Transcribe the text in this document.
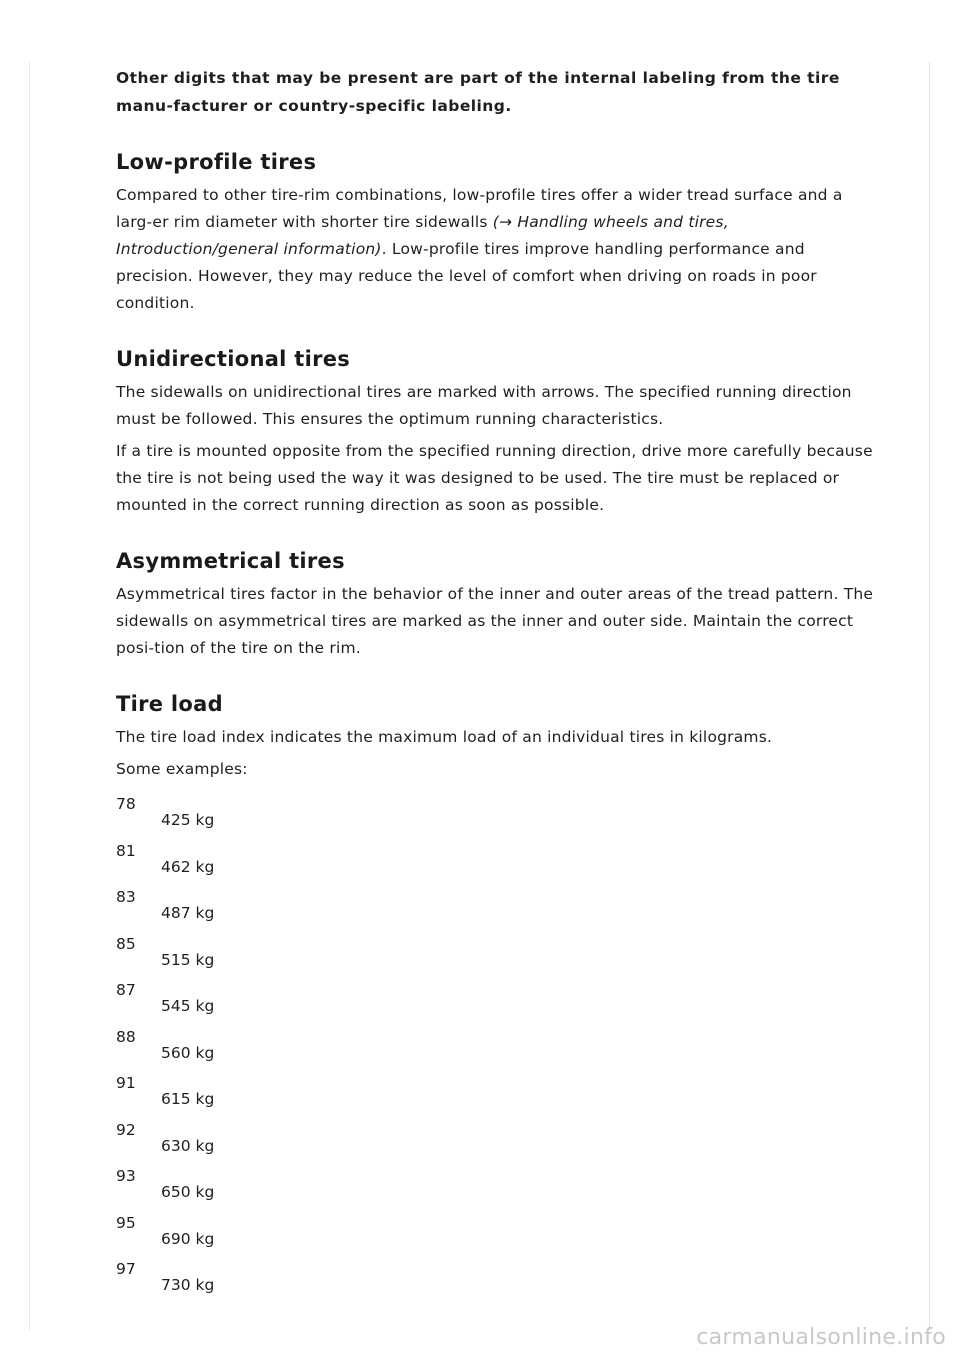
Other digits that may be present are part of the internal labeling from the tire manu-facturer or country-specific labeling.

Low-profile tires

Compared to other tire-rim combinations, low-profile tires offer a wider tread surface and a larg-er rim diameter with shorter tire sidewalls (→ Handling wheels and tires, Introduction/general information). Low-profile tires improve handling performance and precision. However, they may reduce the level of comfort when driving on roads in poor condition.

Unidirectional tires

The sidewalls on unidirectional tires are marked with arrows. The specified running direction must be followed. This ensures the optimum running characteristics.

If a tire is mounted opposite from the specified running direction, drive more carefully because the tire is not being used the way it was designed to be used. The tire must be replaced or mounted in the correct running direction as soon as possible.

Asymmetrical tires

Asymmetrical tires factor in the behavior of the inner and outer areas of the tread pattern. The sidewalls on asymmetrical tires are marked as the inner and outer side. Maintain the correct posi-tion of the tire on the rim.

Tire load

The tire load index indicates the maximum load of an individual tires in kilograms.

Some examples:

78
425 kg
81
462 kg
83
487 kg
85
515 kg
87
545 kg
88
560 kg
91
615 kg
92
630 kg
93
650 kg
95
690 kg
97
730 kg
carmanualsonline.info
